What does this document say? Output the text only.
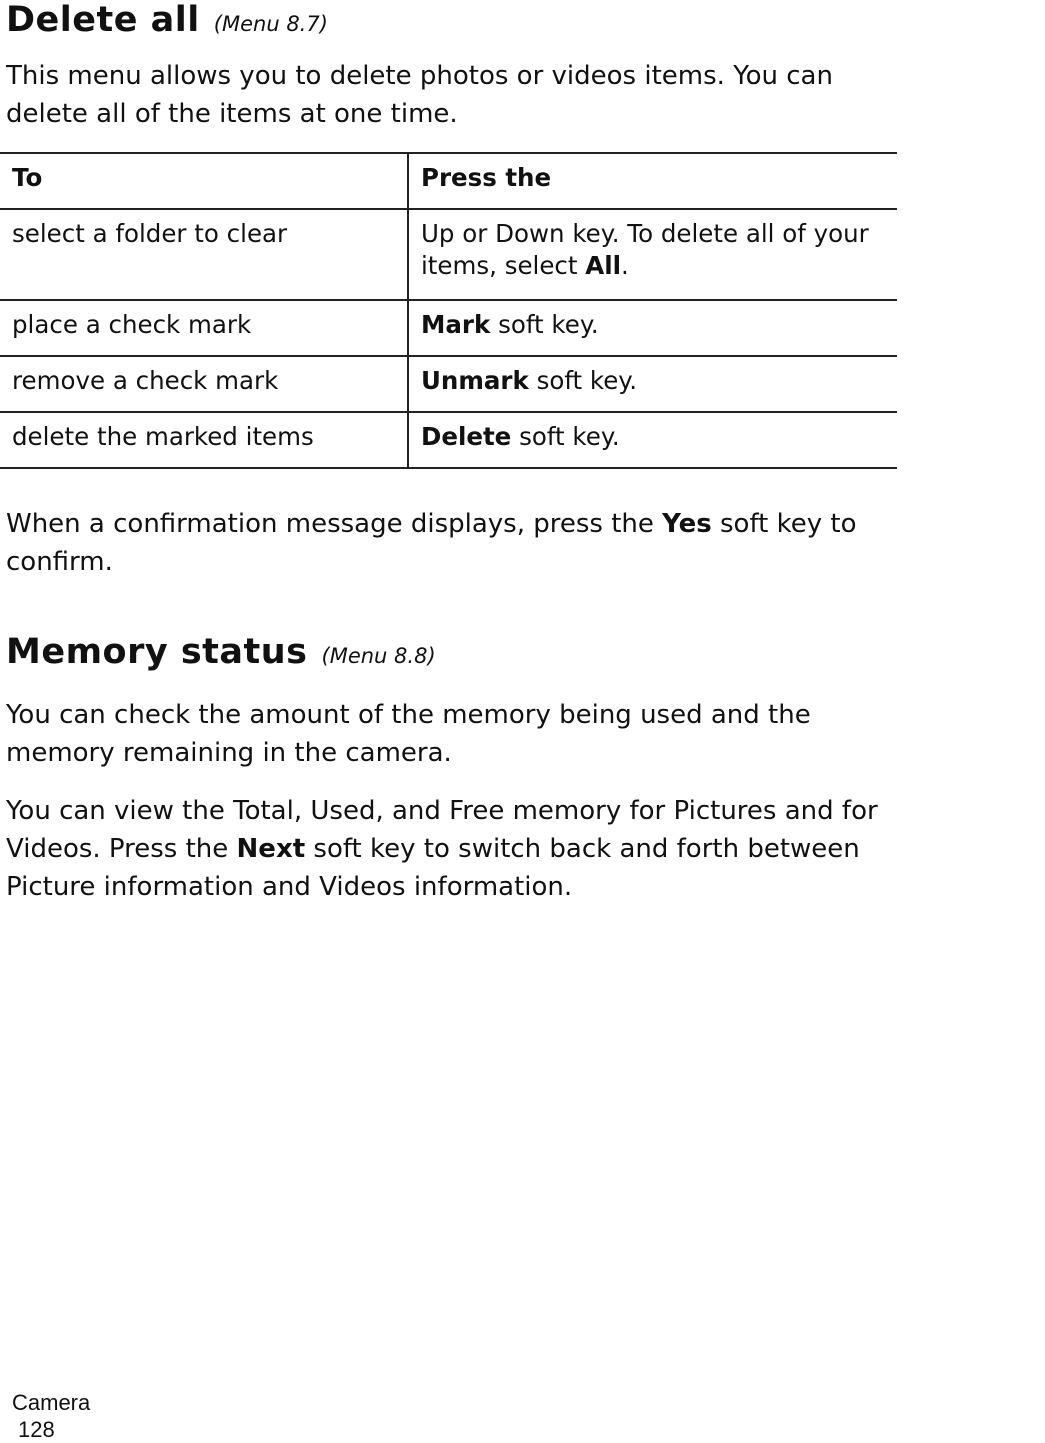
Delete all (Menu 8.7)

This menu allows you to delete photos or videos items. You can delete all of the items at one time.

To	Press the
select a folder to clear	Up or Down key. To delete all of your items, select All.
place a check mark	Mark soft key.
remove a check mark	Unmark soft key.
delete the marked items	Delete soft key.

When a confirmation message displays, press the Yes soft key to confirm.

Memory status (Menu 8.8)

You can check the amount of the memory being used and the memory remaining in the camera.

You can view the Total, Used, and Free memory for Pictures and for Videos. Press the Next soft key to switch back and forth between Picture information and Videos information.

Camera
128
